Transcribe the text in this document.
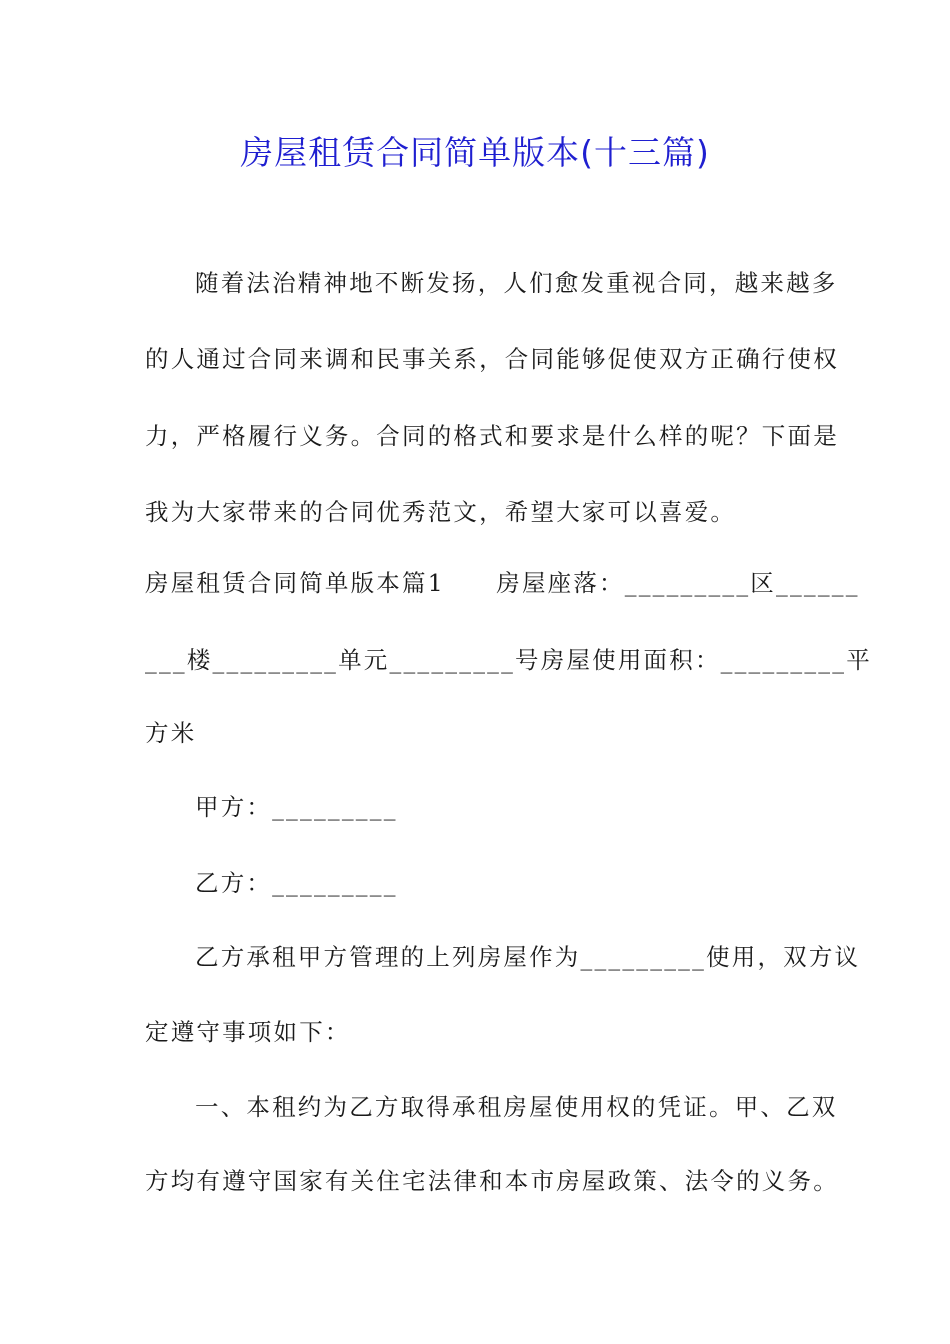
房屋租赁合同简单版本(十三篇)
随着法治精神地不断发扬，人们愈发重视合同，越来越多
的人通过合同来调和民事关系，合同能够促使双方正确行使权
力，严格履行义务。合同的格式和要求是什么样的呢？下面是
我为大家带来的合同优秀范文，希望大家可以喜爱。
房屋租赁合同简单版本篇1　　房屋座落：_________区______
___楼_________单元_________号房屋使用面积：_________平
方米
甲方：_________
乙方：_________
乙方承租甲方管理的上列房屋作为_________使用，双方议
定遵守事项如下：
一、本租约为乙方取得承租房屋使用权的凭证。甲、乙双
方均有遵守国家有关住宅法律和本市房屋政策、法令的义务。
